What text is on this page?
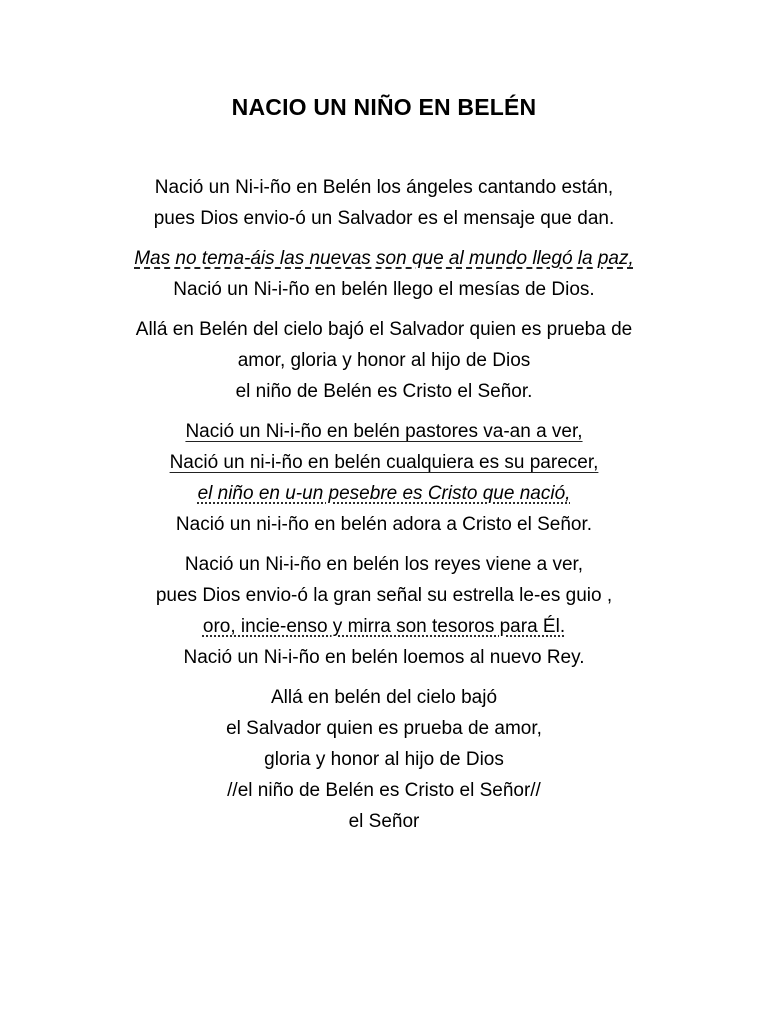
NACIO UN NIÑO EN BELÉN
Nació un Ni-i-ño en Belén los ángeles cantando están,
pues Dios envio-ó un Salvador es el mensaje que dan.
Mas no tema-áis las nuevas son que al mundo llegó la paz,
Nació un Ni-i-ño en belén llego el mesías de Dios.
Allá en Belén del cielo bajó el Salvador quien es prueba de
amor, gloria y honor al hijo de Dios
el niño de Belén es Cristo el Señor.
Nació un Ni-i-ño en belén pastores va-an a ver,
Nació un ni-i-ño en belén cualquiera es su parecer,
el niño en u-un pesebre es Cristo que nació,
Nació un ni-i-ño en belén adora a Cristo el Señor.
Nació un Ni-i-ño en belén los reyes viene a ver,
pues Dios envio-ó la gran señal su estrella le-es guio ,
oro, incie-enso y mirra son tesoros para Él.
Nació un Ni-i-ño en belén loemos al nuevo Rey.
Allá en belén del cielo bajó
el Salvador quien es prueba de amor,
gloria y honor al hijo de Dios
//el niño de Belén es Cristo el Señor//
el Señor
